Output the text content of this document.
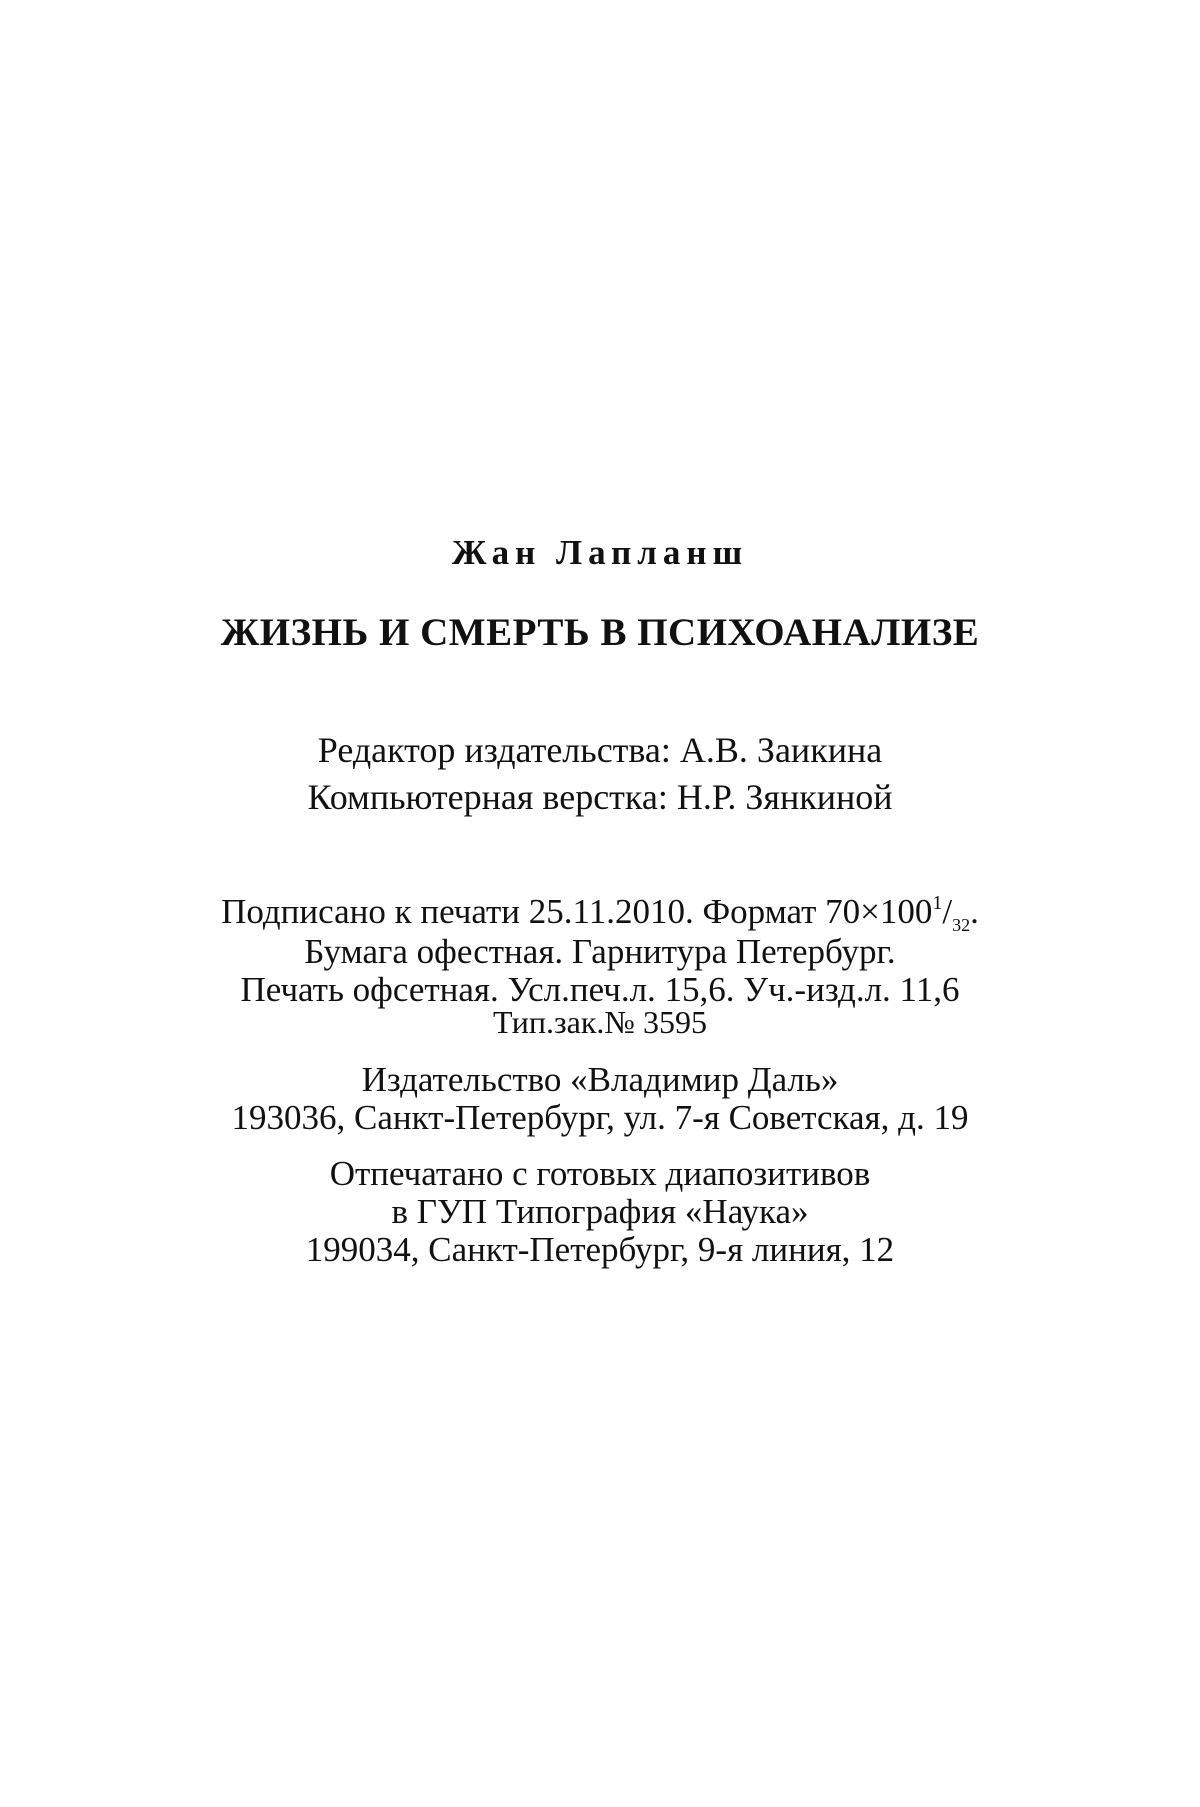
Жан Лапланш
ЖИЗНЬ И СМЕРТЬ В ПСИХОАНАЛИЗЕ
Редактор издательства: А.В. Заикина
Компьютерная верстка: Н.Р. Зянкиной
Подписано к печати 25.11.2010. Формат $70\times 100^1/_{32}$.
Бумага офестная. Гарнитура Петербург.
Печать офсетная. Усл.печ.л. 15,6. Уч.-изд.л. 11,6
Тип.зак.№ 3595
Издательство «Владимир Даль»
193036, Санкт-Петербург, ул. 7-я Советская, д. 19
Отпечатано с готовых диапозитивов
в ГУП Типография «Наука»
199034, Санкт-Петербург, 9-я линия, 12
